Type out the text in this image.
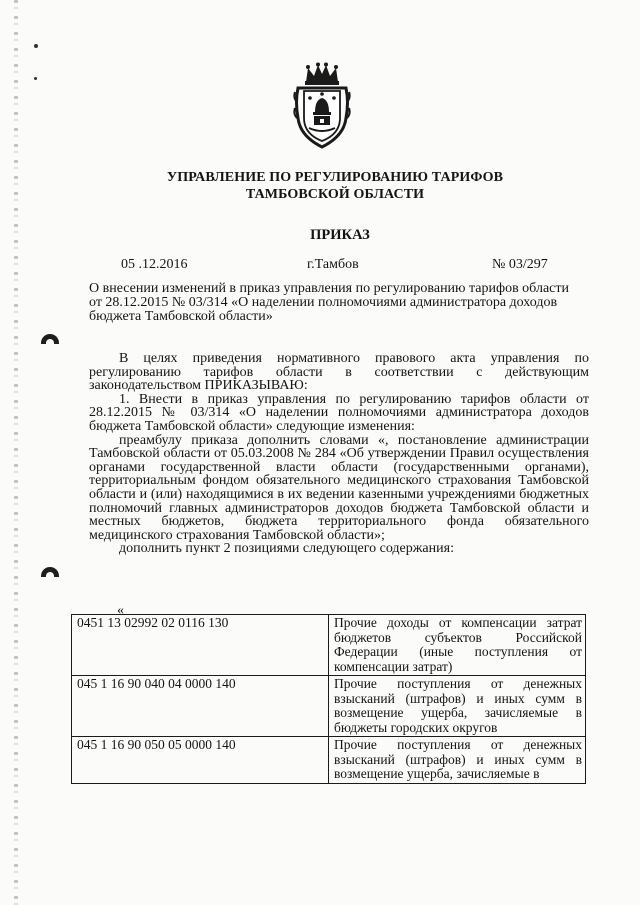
УПРАВЛЕНИЕ ПО РЕГУЛИРОВАНИЮ ТАРИФОВ
ТАМБОВСКОЙ ОБЛАСТИ
ПРИКАЗ
05 .12.2016	г.Тамбов	№ 03/297
О внесении изменений в приказ управления по регулированию тарифов области
от 28.12.2015 № 03/314 «О наделении полномочиями администратора доходов
бюджета Тамбовской области»

В целях приведения нормативного правового акта управления по регулированию тарифов области в соответствии с действующим законодательством ПРИКАЗЫВАЮ:

1. Внести в приказ управления по регулированию тарифов области от 28.12.2015 № 03/314 «О наделении полномочиями администратора доходов бюджета Тамбовской области» следующие изменения:

преамбулу приказа дополнить словами «, постановление администрации Тамбовской области от 05.03.2008 № 284 «Об утверждении Правил осуществления органами государственной власти области (государственными органами), территориальным фондом обязательного медицинского страхования Тамбовской области и (или) находящимися в их ведении казенными учреждениями бюджетных полномочий главных администраторов доходов бюджета Тамбовской области и местных бюджетов, бюджета территориального фонда обязательного медицинского страхования Тамбовской области»;

дополнить пункт 2 позициями следующего содержания:

«
0451 13 02992 02 0116 130	Прочие доходы от компенсации затрат бюджетов субъектов Российской Федерации (иные поступления от компенсации затрат)
045 1 16 90 040 04 0000 140	Прочие поступления от денежных взысканий (штрафов) и иных сумм в возмещение ущерба, зачисляемые в бюджеты городских округов
045 1 16 90 050 05 0000 140	Прочие поступления от денежных взысканий (штрафов) и иных сумм в возмещение ущерба, зачисляемые в
